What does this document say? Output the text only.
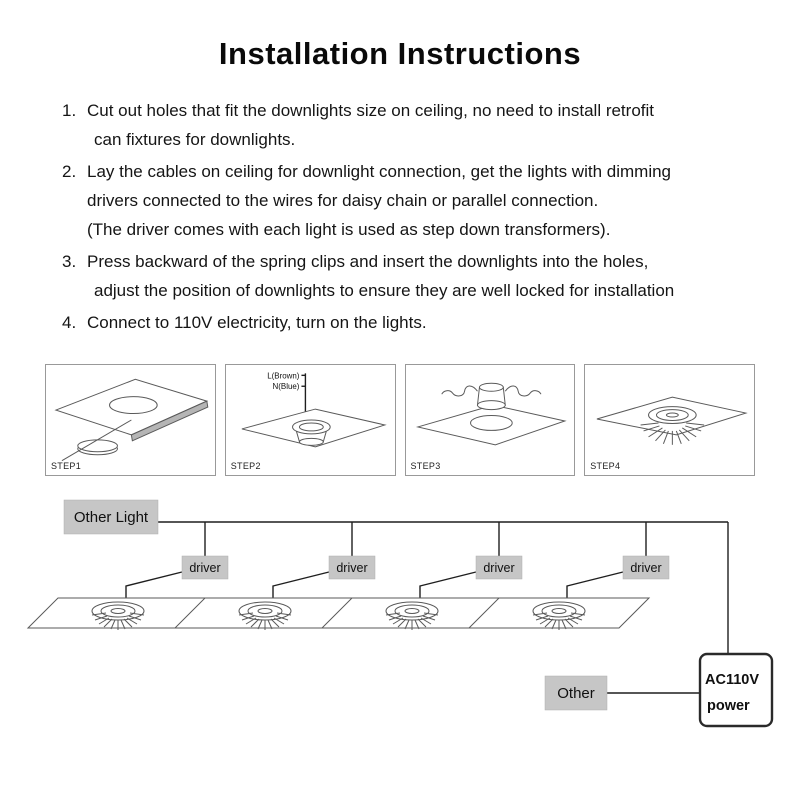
Installation Instructions
1. Cut out holes that fit the downlights size on ceiling, no need to install retrofit
can fixtures for downlights.
2. Lay the cables on ceiling for downlight connection, get the lights with dimming
drivers connected to the wires for daisy chain or parallel connection.
(The driver comes with each light is used as step down transformers).
3. Press backward of the spring clips and insert the downlights into the holes,
adjust the position of downlights to ensure they are well locked for installation
4. Connect to 110V electricity, turn on the lights.
STEP1
L(Brown)
N(Blue)
STEP2	STEP3	STEP4
driver	driver	driver	driver
Other Light
Other
AC110V
power
